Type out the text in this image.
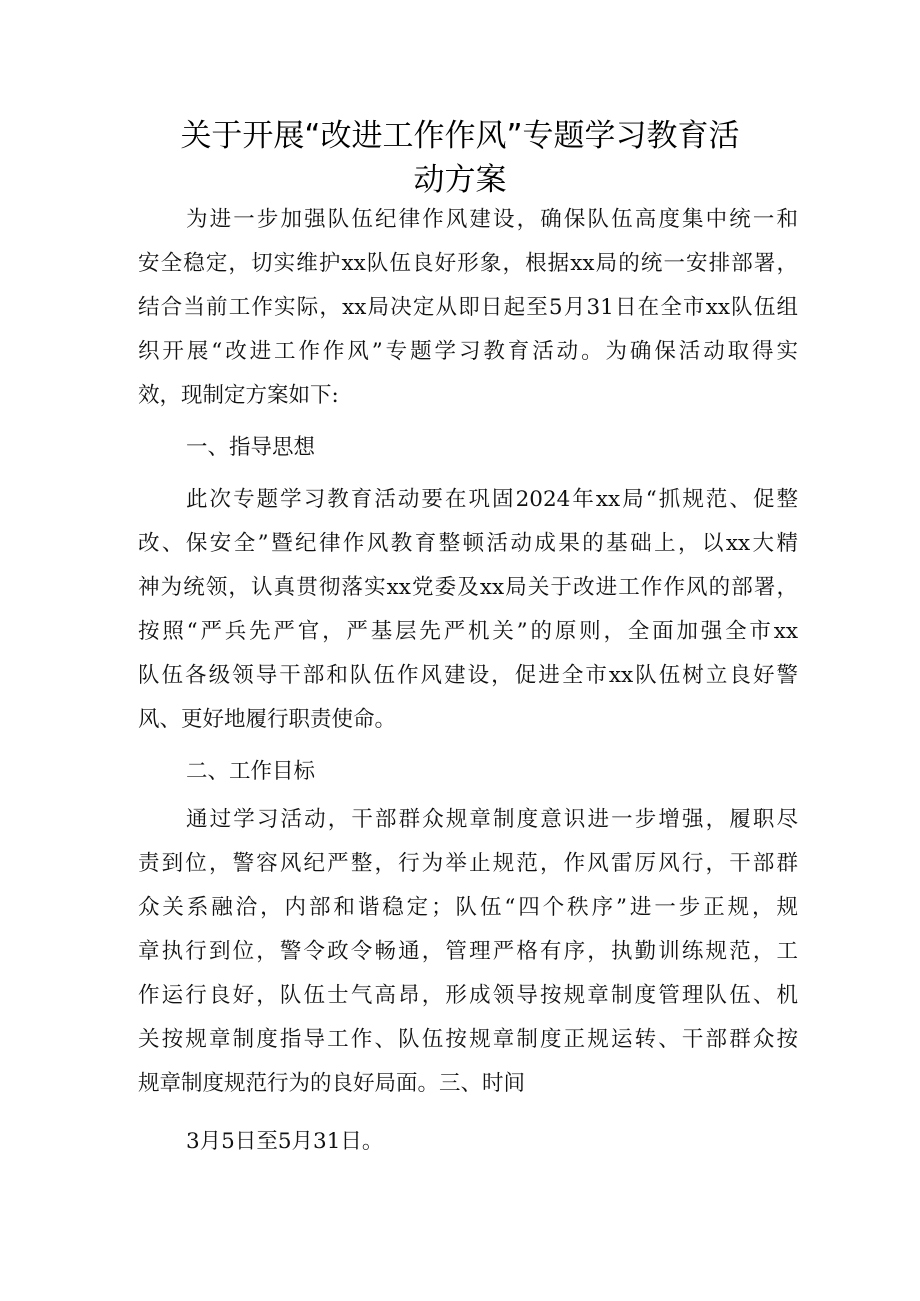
关于开展“改进工作作风”专题学习教育活
动方案
为进一步加强队伍纪律作风建设，确保队伍高度集中统一和
安全稳定，切实维护xx队伍良好形象，根据xx局的统一安排部署，
结合当前工作实际，xx局决定从即日起至5月31日在全市xx队伍组
织开展“改进工作作风”专题学习教育活动。为确保活动取得实
效，现制定方案如下:
一、指导思想
此次专题学习教育活动要在巩固2024年xx局“抓规范、促整
改、保安全”暨纪律作风教育整顿活动成果的基础上，以xx大精
神为统领，认真贯彻落实xx党委及xx局关于改进工作作风的部署，
按照“严兵先严官，严基层先严机关”的原则，全面加强全市xx
队伍各级领导干部和队伍作风建设，促进全市xx队伍树立良好警
风、更好地履行职责使命。
二、工作目标
通过学习活动，干部群众规章制度意识进一步增强，履职尽
责到位，警容风纪严整，行为举止规范，作风雷厉风行，干部群
众关系融洽，内部和谐稳定；队伍“四个秩序”进一步正规，规
章执行到位，警令政令畅通，管理严格有序，执勤训练规范，工
作运行良好，队伍士气高昂，形成领导按规章制度管理队伍、机
关按规章制度指导工作、队伍按规章制度正规运转、干部群众按
规章制度规范行为的良好局面。三、时间
3月5日至5月31日。
